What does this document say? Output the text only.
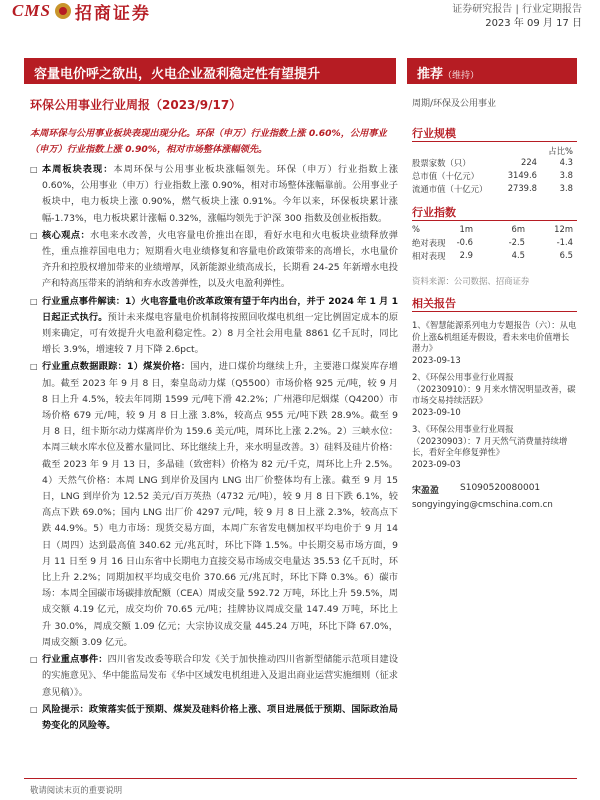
CMS 招商证券	证券研究报告 | 行业定期报告
2023 年 09 月 17 日
容量电价呼之欲出，火电企业盈利稳定性有望提升	推荐（维持）
环保公用事业行业周报（2023/9/17）
本周环保与公用事业板块表现出现分化。环保（申万）行业指数上涨 0.60%，公用事业（申万）行业指数上涨 0.90%，相对市场整体涨幅领先。
□ 本周板块表现：本周环保与公用事业板块涨幅领先。环保（申万）行业指数上涨 0.60%，公用事业（申万）行业指数上涨 0.90%，相对市场整体涨幅靠前。公用事业子板块中，电力板块上涨 0.90%，燃气板块上涨 0.91%。今年以来，环保板块累计涨幅-1.73%，电力板块累计涨幅 0.32%，涨幅均领先于沪深 300 指数及创业板指数。
□ 核心观点：水电来水改善，火电容量电价推出在即，看好水电和火电板块业绩释放弹性，重点推荐国电电力；短期看火电业绩修复和容量电价政策带来的高增长，水电量价齐升和控股权增加带来的业绩增厚，风新能源业绩高成长，长期看 24-25 年新增水电投产和特高压带来的消纳和弃水改善弹性，以及火电盈利弹性。
□ 行业重点事件解读：1）火电容量电价改革政策有望于年内出台，并于 2024 年 1 月 1 日起正式执行。预计未来煤电容量电价机制将按照回收煤电机组一定比例固定成本的原则来确定，可有效提升火电盈利稳定性。2）8 月全社会用电量 8861 亿千瓦时，同比增长 3.9%，增速较 7 月下降 2.6pct。
□ 行业重点数据跟踪：1）煤炭价格：国内，进口煤价均继续上升，主要港口煤炭库存增加。截至 2023 年 9 月 8 日，秦皇岛动力煤（Q5500）市场价格 925 元/吨，较 9 月 8 日上升 4.5%，较去年同期 1599 元/吨下滑 42.2%；广州港印尼烟煤（Q4200）市场价格 679 元/吨，较 9 月 8 日上涨 3.8%，较高点 955 元/吨下跌 28.9%。截至 9 月 8 日，纽卡斯尔动力煤离岸价为 159.6 美元/吨，周环比上涨 2.2%。2）三峡水位：本周三峡水库水位及蓄水量同比、环比继续上升，来水明显改善。3）硅料及硅片价格：截至 2023 年 9 月 13 日，多晶硅（致密料）价格为 82 元/千克，周环比上升 2.5%。4）天然气价格：本周 LNG 到岸价及国内 LNG 出厂价整体均有上涨。截至 9 月 15 日，LNG 到岸价为 12.52 美元/百万英热（4732 元/吨），较 9 月 8 日下跌 6.1%，较高点下跌 69.0%；国内 LNG 出厂价 4297 元/吨，较 9 月 8 日上涨 2.3%，较高点下跌 44.9%。5）电力市场：现货交易方面，本周广东省发电侧加权平均电价于 9 月 14 日（周四）达到最高值 340.62 元/兆瓦时，环比下降 1.5%。中长期交易市场方面，9 月 11 日至 9 月 16 日山东省中长期电力直接交易市场成交电量达 35.53 亿千瓦时，环比上升 2.2%；同期加权平均成交电价 370.66 元/兆瓦时，环比下降 0.3%。6）碳市场：本周全国碳市场碳排放配额（CEA）周成交量 592.72 万吨，环比上升 59.5%，周成交额 4.19 亿元，成交均价 70.65 元/吨；挂牌协议周成交量 147.49 万吨，环比上升 30.0%，周成交额 1.09 亿元；大宗协议成交量 445.24 万吨，环比下降 67.0%，周成交额 3.09 亿元。
□ 行业重点事件：四川省发改委等联合印发《关于加快推动四川省新型储能示范项目建设的实施意见》、华中能监局发布《华中区域发电机组进入及退出商业运营实施细则（征求意见稿）》。
□ 风险提示：政策落实低于预期、煤炭及硅料价格上涨、项目进展低于预期、国际政治局势变化的风险等。
周期/环保及公用事业
行业规模
占比%
股票家数（只）	224	4.3
总市值（十亿元）	3149.6	3.8
流通市值（十亿元） 2739.8	3.8
行业指数
%	1m	6m	12m
绝对表现 -0.6	-2.5	-1.4
相对表现 2.9	4.5	6.5
资料来源：公司数据、招商证券
相关报告
1、《智慧能源系列电力专题报告（六）：从电价上涨&机组延寿假设，看未来电价值增长潜力》
2023-09-13
2、《环保公用事业行业周报（20230910）：9 月来水情况明显改善，碳市场交易持续活跃》
2023-09-10
3、《环保公用事业行业周报（20230903）：7 月天然气消费量持续增长，看好全年修复弹性》
2023-09-03
宋盈盈 S1090520080001
songyingying@cmschina.com.cn
敬请阅读末页的重要说明
